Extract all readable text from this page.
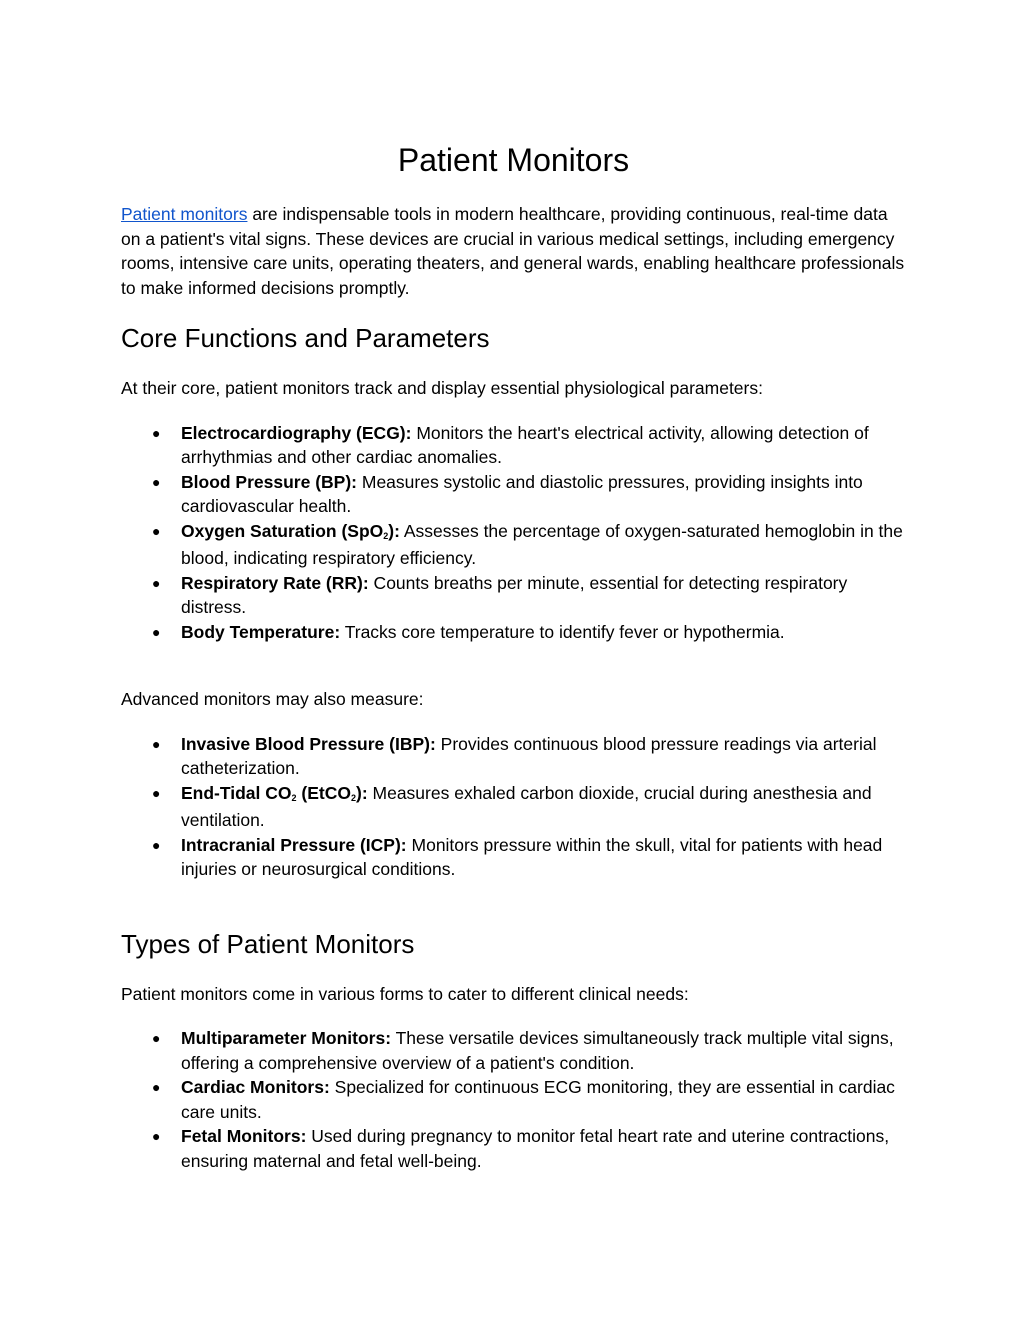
Patient Monitors

Patient monitors are indispensable tools in modern healthcare, providing continuous, real-time data on a patient's vital signs. These devices are crucial in various medical settings, including emergency rooms, intensive care units, operating theaters, and general wards, enabling healthcare professionals to make informed decisions promptly.

Core Functions and Parameters

At their core, patient monitors track and display essential physiological parameters:

● Electrocardiography (ECG): Monitors the heart's electrical activity, allowing detection of arrhythmias and other cardiac anomalies.
● Blood Pressure (BP): Measures systolic and diastolic pressures, providing insights into cardiovascular health.
● Oxygen Saturation (SpO$_2$): Assesses the percentage of oxygen-saturated hemoglobin in the blood, indicating respiratory efficiency.
● Respiratory Rate (RR): Counts breaths per minute, essential for detecting respiratory distress.
● Body Temperature: Tracks core temperature to identify fever or hypothermia.

Advanced monitors may also measure:

● Invasive Blood Pressure (IBP): Provides continuous blood pressure readings via arterial catheterization.
● End-Tidal $CO_2$ (EtCO$_2$): Measures exhaled carbon dioxide, crucial during anesthesia and ventilation.
● Intracranial Pressure (ICP): Monitors pressure within the skull, vital for patients with head injuries or neurosurgical conditions.
Types of Patient Monitors

Patient monitors come in various forms to cater to different clinical needs:

● Multiparameter Monitors: These versatile devices simultaneously track multiple vital signs, offering a comprehensive overview of a patient's condition.
● Cardiac Monitors: Specialized for continuous ECG monitoring, they are essential in cardiac care units.
● Fetal Monitors: Used during pregnancy to monitor fetal heart rate and uterine contractions, ensuring maternal and fetal well-being.
